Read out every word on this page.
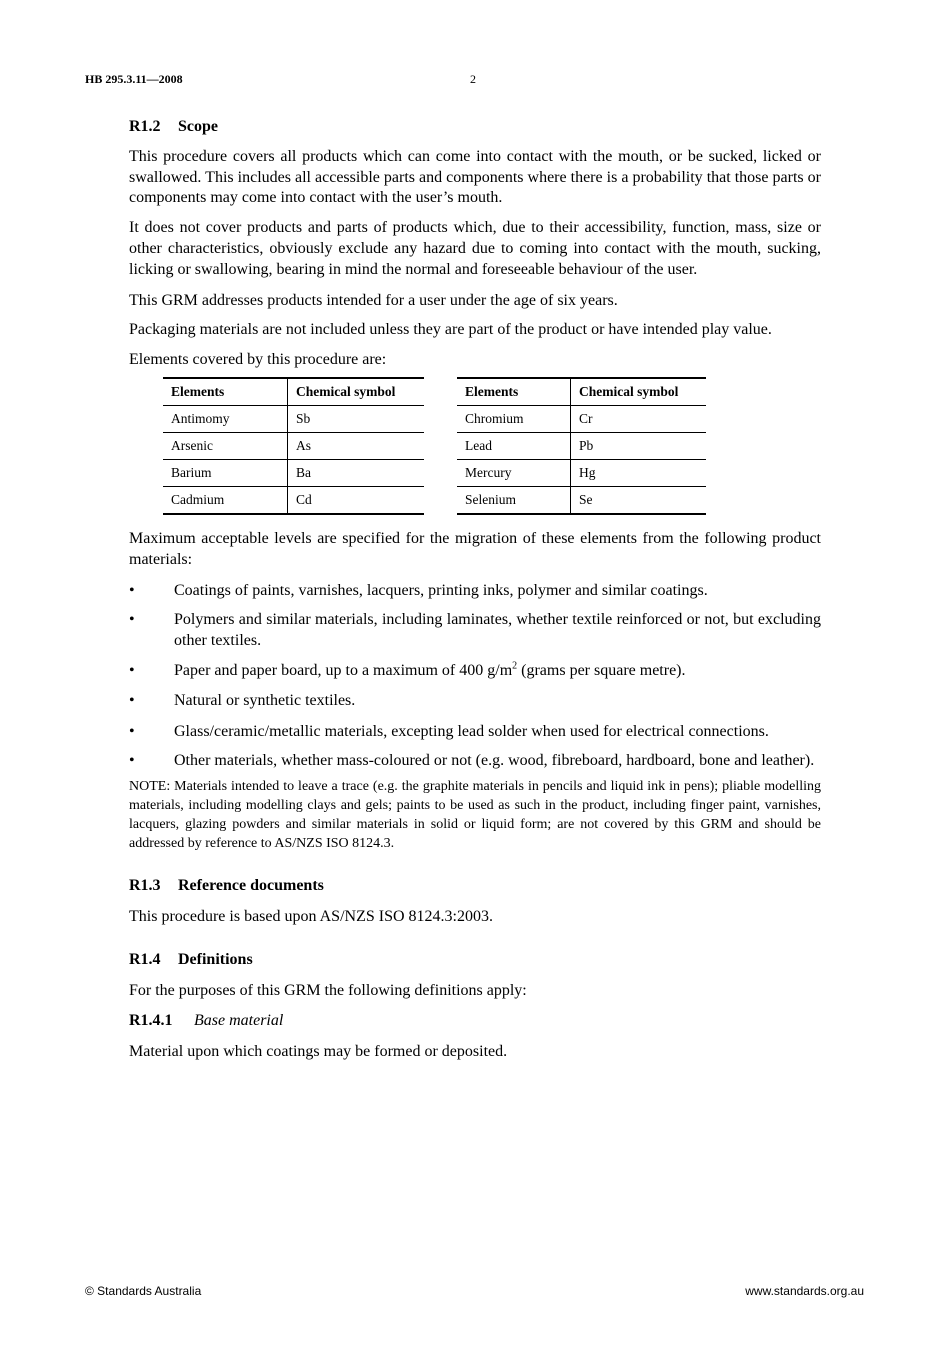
HB 295.3.11—2008	2
R1.2 Scope

This procedure covers all products which can come into contact with the mouth, or be sucked, licked or swallowed. This includes all accessible parts and components where there is a probability that those parts or components may come into contact with the user’s mouth.

It does not cover products and parts of products which, due to their accessibility, function, mass, size or other characteristics, obviously exclude any hazard due to coming into contact with the mouth, sucking, licking or swallowing, bearing in mind the normal and foreseeable behaviour of the user.

This GRM addresses products intended for a user under the age of six years.

Packaging materials are not included unless they are part of the product or have intended play value.

Elements covered by this procedure are:

Elements	Chemical symbol
Antimomy	Sb
Arsenic	As
Barium	Ba
Cadmium	Cd
Elements	Chemical symbol
Chromium	Cr
Lead	Pb
Mercury	Hg
Selenium	Se

Maximum acceptable levels are specified for the migration of these elements from the following product materials:

• Coatings of paints, varnishes, lacquers, printing inks, polymer and similar coatings.
• Polymers and similar materials, including laminates, whether textile reinforced or not, but excluding other textiles.
• Paper and paper board, up to a maximum of 400 $g/m^2$ (grams per square metre).
• Natural or synthetic textiles.
• Glass/ceramic/metallic materials, excepting lead solder when used for electrical connections.
• Other materials, whether mass-coloured or not (e.g. wood, fibreboard, hardboard, bone and leather).

NOTE: Materials intended to leave a trace (e.g. the graphite materials in pencils and liquid ink in pens); pliable modelling materials, including modelling clays and gels; paints to be used as such in the product, including finger paint, varnishes, lacquers, glazing powders and similar materials in solid or liquid form; are not covered by this GRM and should be addressed by reference to AS/NZS ISO 8124.3.

R1.3 Reference documents

This procedure is based upon AS/NZS ISO 8124.3:2003.

R1.4 Definitions

For the purposes of this GRM the following definitions apply:

R1.4.1 Base material

Material upon which coatings may be formed or deposited.

© Standards Australia	www.standards.org.au
